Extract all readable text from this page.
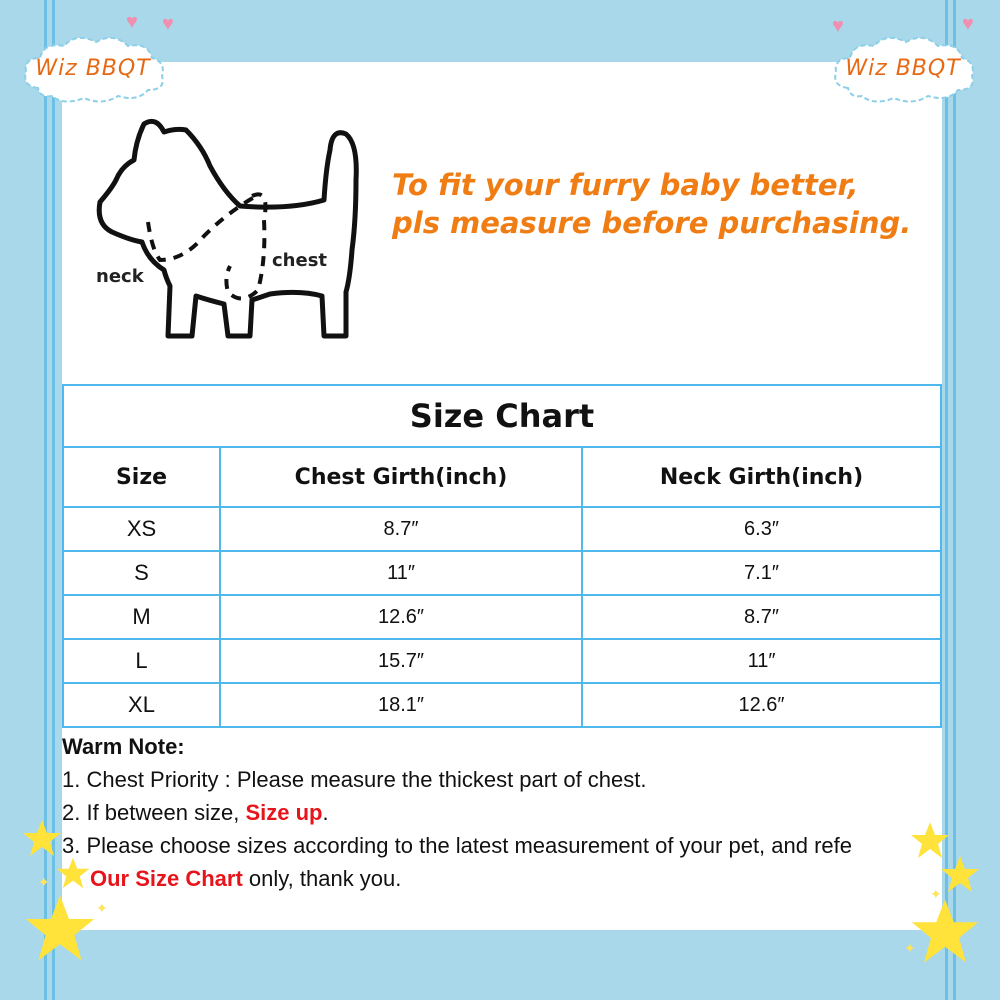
Wiz BBQT	Wiz BBQT
♥ ♥	♥	♥
neck
chest
To fit your furry baby better,
pls measure before purchasing.
Size Chart		
Size	Chest Girth(inch)	Neck Girth(inch)
XS	8.7″	6.3″
S	11″	7.1″
M	12.6″	8.7″
L	15.7″	11″
XL	18.1″	12.6″
Warm Note:
1. Chest Priority : Please measure the thickest part of chest.
2. If between size, Size up.
3. Please choose sizes according to the latest measurement of your pet, and refe
Our Size Chart only, thank you.
✦
✦
✦
✦
